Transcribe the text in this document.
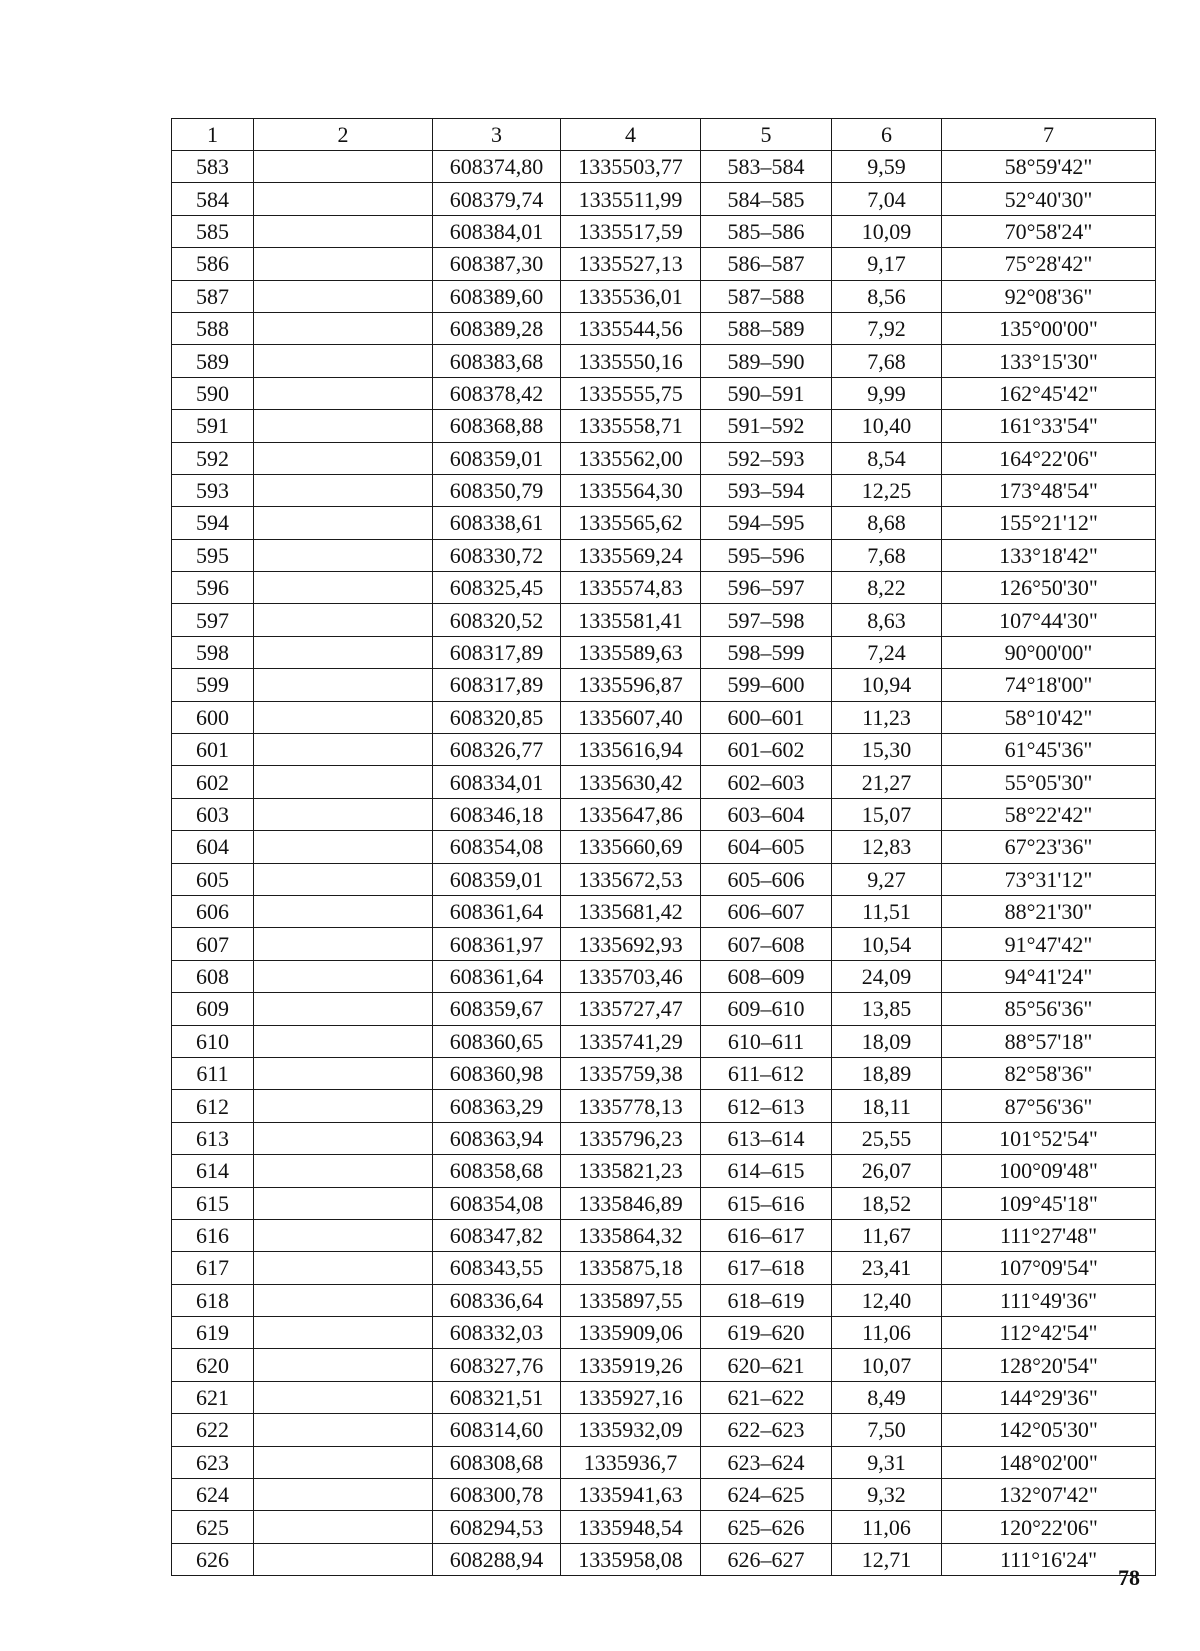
1	2	3	4	5	6	7
583		608374,80	1335503,77	583–584	9,59	58°59'42"
584		608379,74	1335511,99	584–585	7,04	52°40'30"
585		608384,01	1335517,59	585–586	10,09	70°58'24"
586		608387,30	1335527,13	586–587	9,17	75°28'42"
587		608389,60	1335536,01	587–588	8,56	92°08'36"
588		608389,28	1335544,56	588–589	7,92	135°00'00"
589		608383,68	1335550,16	589–590	7,68	133°15'30"
590		608378,42	1335555,75	590–591	9,99	162°45'42"
591		608368,88	1335558,71	591–592	10,40	161°33'54"
592		608359,01	1335562,00	592–593	8,54	164°22'06"
593		608350,79	1335564,30	593–594	12,25	173°48'54"
594		608338,61	1335565,62	594–595	8,68	155°21'12"
595		608330,72	1335569,24	595–596	7,68	133°18'42"
596		608325,45	1335574,83	596–597	8,22	126°50'30"
597		608320,52	1335581,41	597–598	8,63	107°44'30"
598		608317,89	1335589,63	598–599	7,24	90°00'00"
599		608317,89	1335596,87	599–600	10,94	74°18'00"
600		608320,85	1335607,40	600–601	11,23	58°10'42"
601		608326,77	1335616,94	601–602	15,30	61°45'36"
602		608334,01	1335630,42	602–603	21,27	55°05'30"
603		608346,18	1335647,86	603–604	15,07	58°22'42"
604		608354,08	1335660,69	604–605	12,83	67°23'36"
605		608359,01	1335672,53	605–606	9,27	73°31'12"
606		608361,64	1335681,42	606–607	11,51	88°21'30"
607		608361,97	1335692,93	607–608	10,54	91°47'42"
608		608361,64	1335703,46	608–609	24,09	94°41'24"
609		608359,67	1335727,47	609–610	13,85	85°56'36"
610		608360,65	1335741,29	610–611	18,09	88°57'18"
611		608360,98	1335759,38	611–612	18,89	82°58'36"
612		608363,29	1335778,13	612–613	18,11	87°56'36"
613		608363,94	1335796,23	613–614	25,55	101°52'54"
614		608358,68	1335821,23	614–615	26,07	100°09'48"
615		608354,08	1335846,89	615–616	18,52	109°45'18"
616		608347,82	1335864,32	616–617	11,67	111°27'48"
617		608343,55	1335875,18	617–618	23,41	107°09'54"
618		608336,64	1335897,55	618–619	12,40	111°49'36"
619		608332,03	1335909,06	619–620	11,06	112°42'54"
620		608327,76	1335919,26	620–621	10,07	128°20'54"
621		608321,51	1335927,16	621–622	8,49	144°29'36"
622		608314,60	1335932,09	622–623	7,50	142°05'30"
623		608308,68	1335936,7	623–624	9,31	148°02'00"
624		608300,78	1335941,63	624–625	9,32	132°07'42"
625		608294,53	1335948,54	625–626	11,06	120°22'06"
626		608288,94	1335958,08	626–627	12,71	111°16'24"
78
